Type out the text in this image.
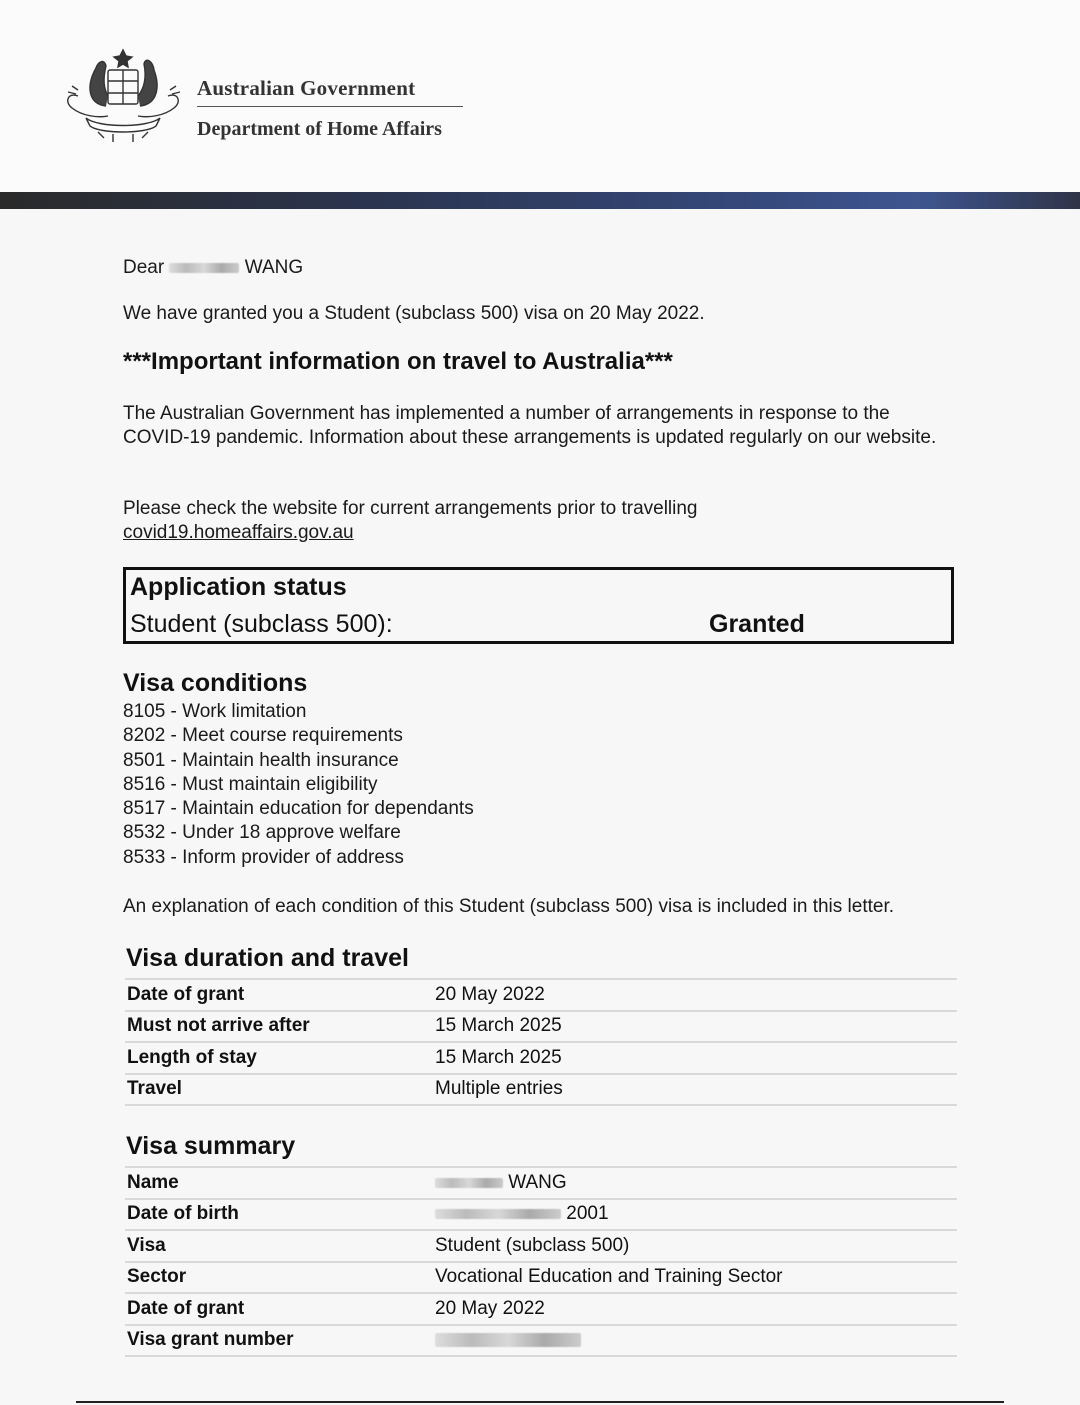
Australian Government
Department of Home Affairs

Dear	WANG

We have granted you a Student (subclass 500) visa on 20 May 2022.

***Important information on travel to Australia***

The Australian Government has implemented a number of arrangements in response to the COVID-19 pandemic. Information about these arrangements is updated regularly on our website.

Please check the website for current arrangements prior to travelling

covid19.homeaffairs.gov.au
Application status
Student (subclass 500):	Granted
Visa conditions
8105 - Work limitation
8202 - Meet course requirements
8501 - Maintain health insurance
8516 - Must maintain eligibility
8517 - Maintain education for dependants
8532 - Under 18 approve welfare
8533 - Inform provider of address

An explanation of each condition of this Student (subclass 500) visa is included in this letter.

Visa duration and travel
Date of grant	20 May 2022
Must not arrive after	15 March 2025
Length of stay	15 March 2025
Travel	Multiple entries
Visa summary
Name	WANG
Date of birth	2001
Visa	Student (subclass 500)
Sector	Vocational Education and Training Sector
Date of grant	20 May 2022
Visa grant number	
